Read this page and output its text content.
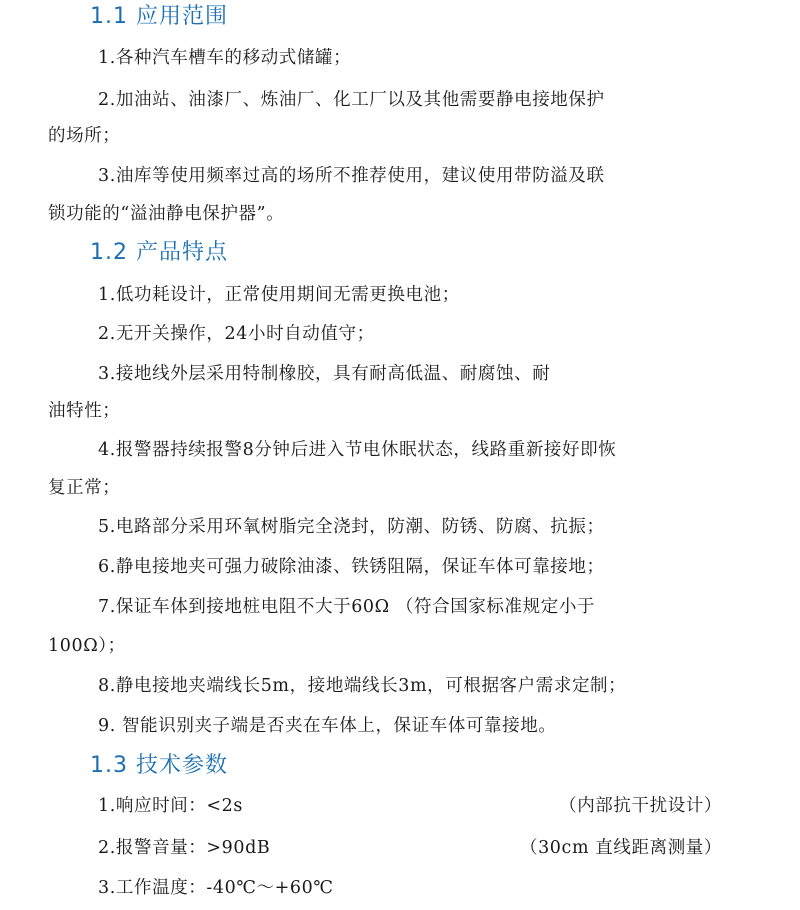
1.1 应用范围
1.各种汽车槽车的移动式储罐；
2.加油站、油漆厂、炼油厂、化工厂以及其他需要静电接地保护
的场所；
3.油库等使用频率过高的场所不推荐使用，建议使用带防溢及联
锁功能的“溢油静电保护器”。
1.2 产品特点
1.低功耗设计，正常使用期间无需更换电池；
2.无开关操作，24小时自动值守；
3.接地线外层采用特制橡胶，具有耐高低温、耐腐蚀、耐
油特性；
4.报警器持续报警8分钟后进入节电休眠状态，线路重新接好即恢
复正常；
5.电路部分采用环氧树脂完全浇封，防潮、防锈、防腐、抗振；
6.静电接地夹可强力破除油漆、铁锈阻隔，保证车体可靠接地；
7.保证车体到接地桩电阻不大于60Ω （符合国家标准规定小于
100Ω）；
8.静电接地夹端线长5m，接地端线长3m，可根据客户需求定制；
9. 智能识别夹子端是否夹在车体上，保证车体可靠接地。
1.3 技术参数
1.响应时间：<2s	（内部抗干扰设计）
2.报警音量：>90dB	（30cm 直线距离测量）
3.工作温度：-40℃～+60℃
